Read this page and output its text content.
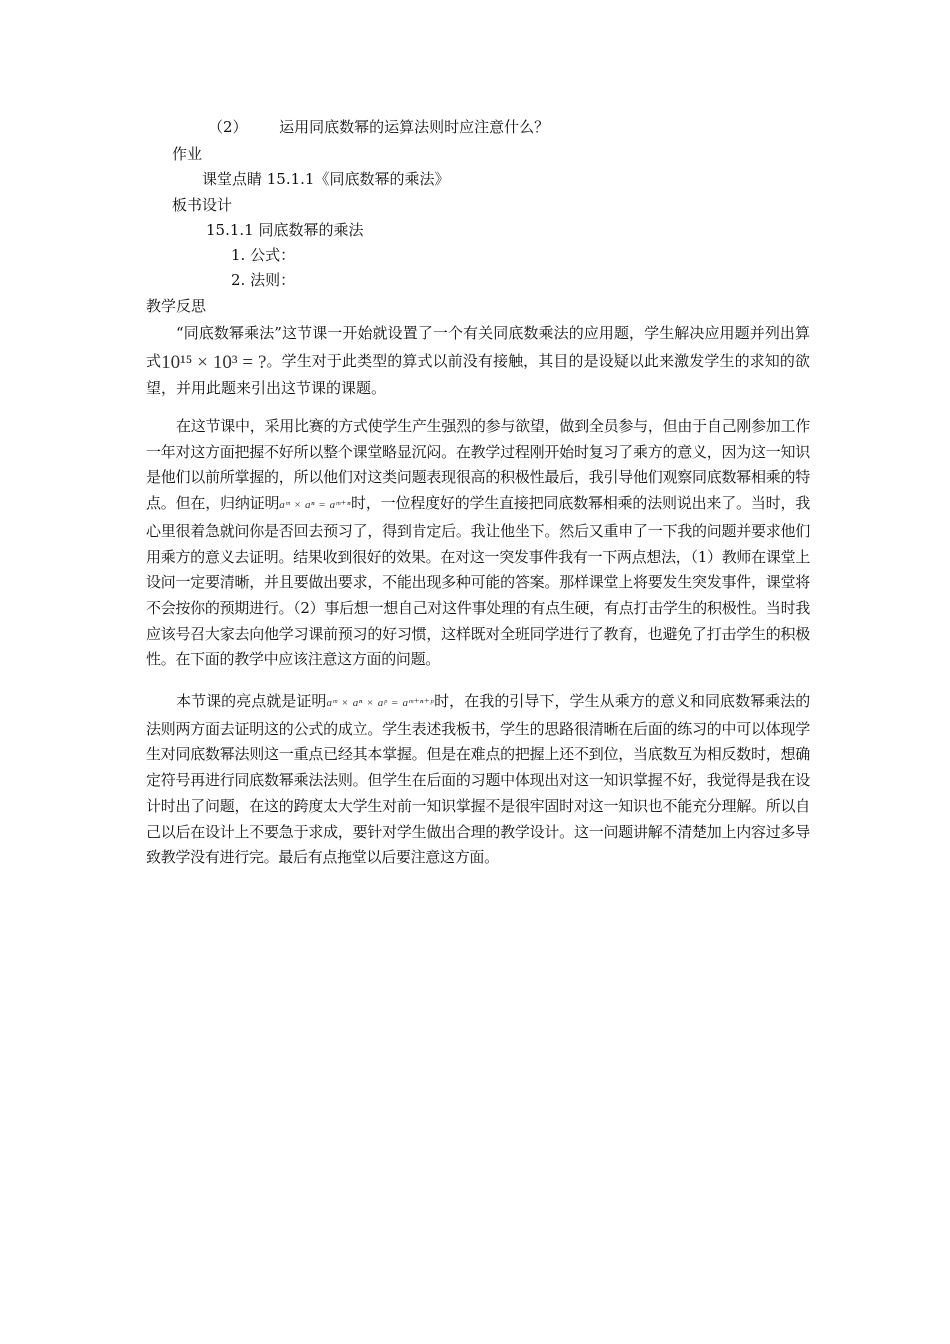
（2） 运用同底数幂的运算法则时应注意什么？
作业
课堂点睛 15.1.1《同底数幂的乘法》
板书设计
15.1.1 同底数幂的乘法
1. 公式：
2. 法则：
教学反思

“同底数幂乘法”这节课一开始就设置了一个有关同底数乘法的应用题，学生解决应用题并列出算式10¹⁵ × 10³ = ?。学生对于此类型的算式以前没有接触，其目的是设疑以此来激发学生的求知的欲望，并用此题来引出这节课的课题。

在这节课中，采用比赛的方式使学生产生强烈的参与欲望，做到全员参与，但由于自己刚参加工作一年对这方面把握不好所以整个课堂略显沉闷。在教学过程刚开始时复习了乘方的意义，因为这一知识是他们以前所掌握的，所以他们对这类问题表现很高的积极性最后，我引导他们观察同底数幂相乘的特点。但在，归纳证明aᵐ × aⁿ = aᵐ⁺ⁿ时，一位程度好的学生直接把同底数幂相乘的法则说出来了。当时，我心里很着急就问你是否回去预习了，得到肯定后。我让他坐下。然后又重申了一下我的问题并要求他们用乘方的意义去证明。结果收到很好的效果。在对这一突发事件我有一下两点想法，（1）教师在课堂上设问一定要清晰，并且要做出要求，不能出现多种可能的答案。那样课堂上将要发生突发事件，课堂将不会按你的预期进行。（2）事后想一想自己对这件事处理的有点生硬，有点打击学生的积极性。当时我应该号召大家去向他学习课前预习的好习惯，这样既对全班同学进行了教育，也避免了打击学生的积极性。在下面的教学中应该注意这方面的问题。

本节课的亮点就是证明aᵐ × aⁿ × aᵖ = aᵐ⁺ⁿ⁺ᵖ时，在我的引导下，学生从乘方的意义和同底数幂乘法的法则两方面去证明这的公式的成立。学生表述我板书，学生的思路很清晰在后面的练习的中可以体现学生对同底数幂法则这一重点已经其本掌握。但是在难点的把握上还不到位，当底数互为相反数时，想确定符号再进行同底数幂乘法法则。但学生在后面的习题中体现出对这一知识掌握不好，我觉得是我在设计时出了问题，在这的跨度太大学生对前一知识掌握不是很牢固时对这一知识也不能充分理解。所以自己以后在设计上不要急于求成，要针对学生做出合理的教学设计。这一问题讲解不清楚加上内容过多导致教学没有进行完。最后有点拖堂以后要注意这方面。
